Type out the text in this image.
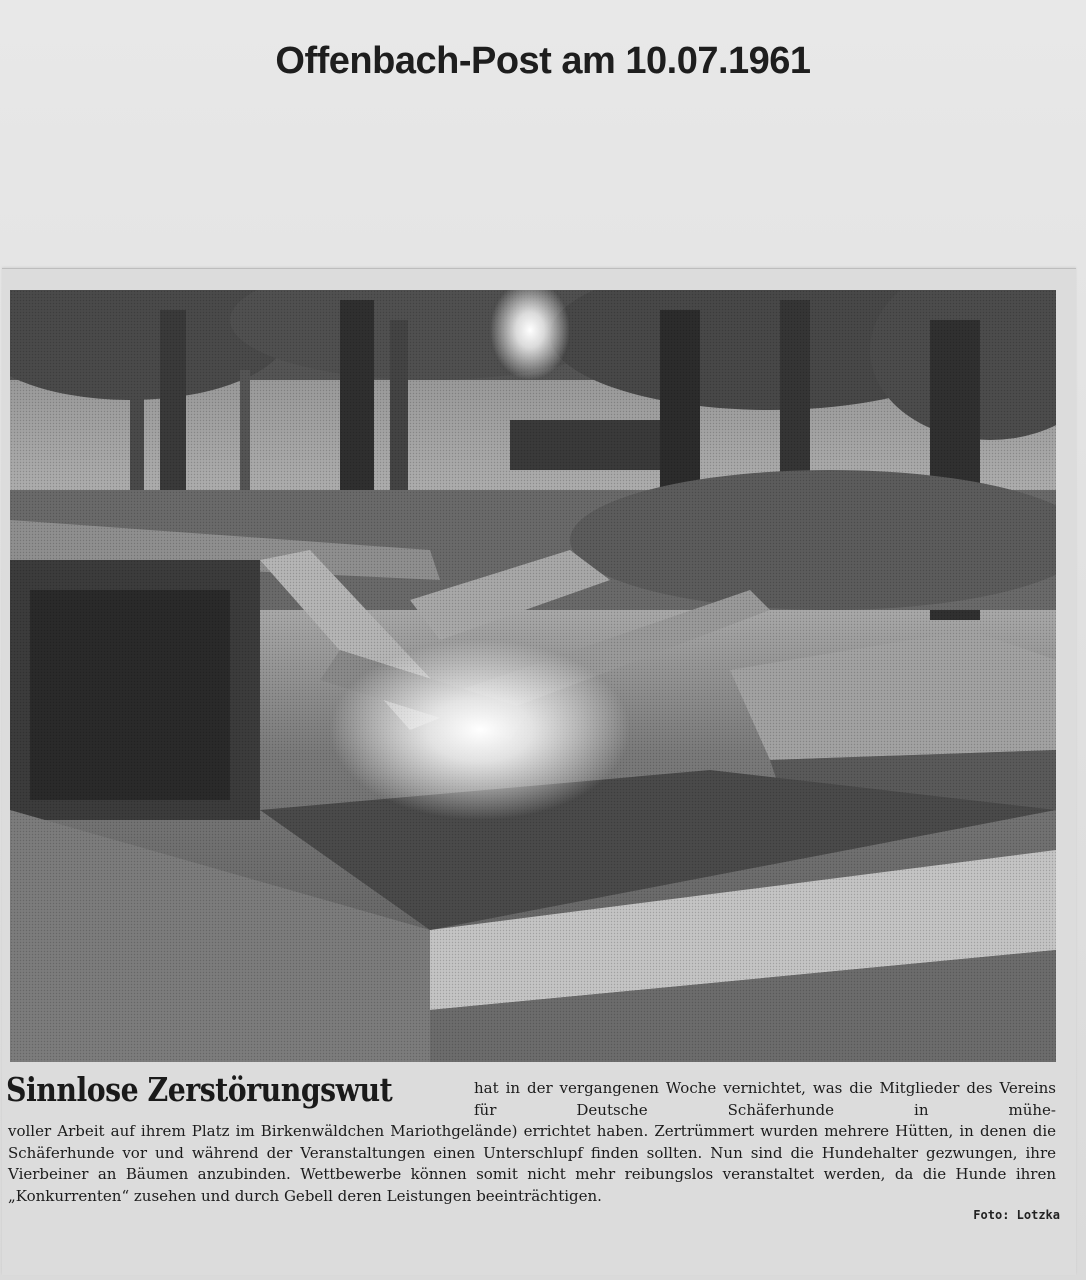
Offenbach-Post am 10.07.1961
Sinnlose Zerstörungswut	hat in der vergangenen Woche vernichtet, was die Mitglieder des Vereins für Deutsche Schäferhunde in mühe-
voller Arbeit auf ihrem Platz im Birkenwäldchen Mariothgelände) errichtet haben. Zertrümmert wurden mehrere Hütten, in denen die Schäferhunde vor und während der Veranstaltungen einen Unterschlupf finden sollten. Nun sind die Hundehalter gezwungen, ihre Vierbeiner an Bäumen anzubinden. Wettbewerbe können somit nicht mehr reibungslos veranstaltet werden, da die Hunde ihren „Konkurrenten“ zusehen und durch Gebell deren Leistungen beeinträchtigen.
Foto: Lotzka
